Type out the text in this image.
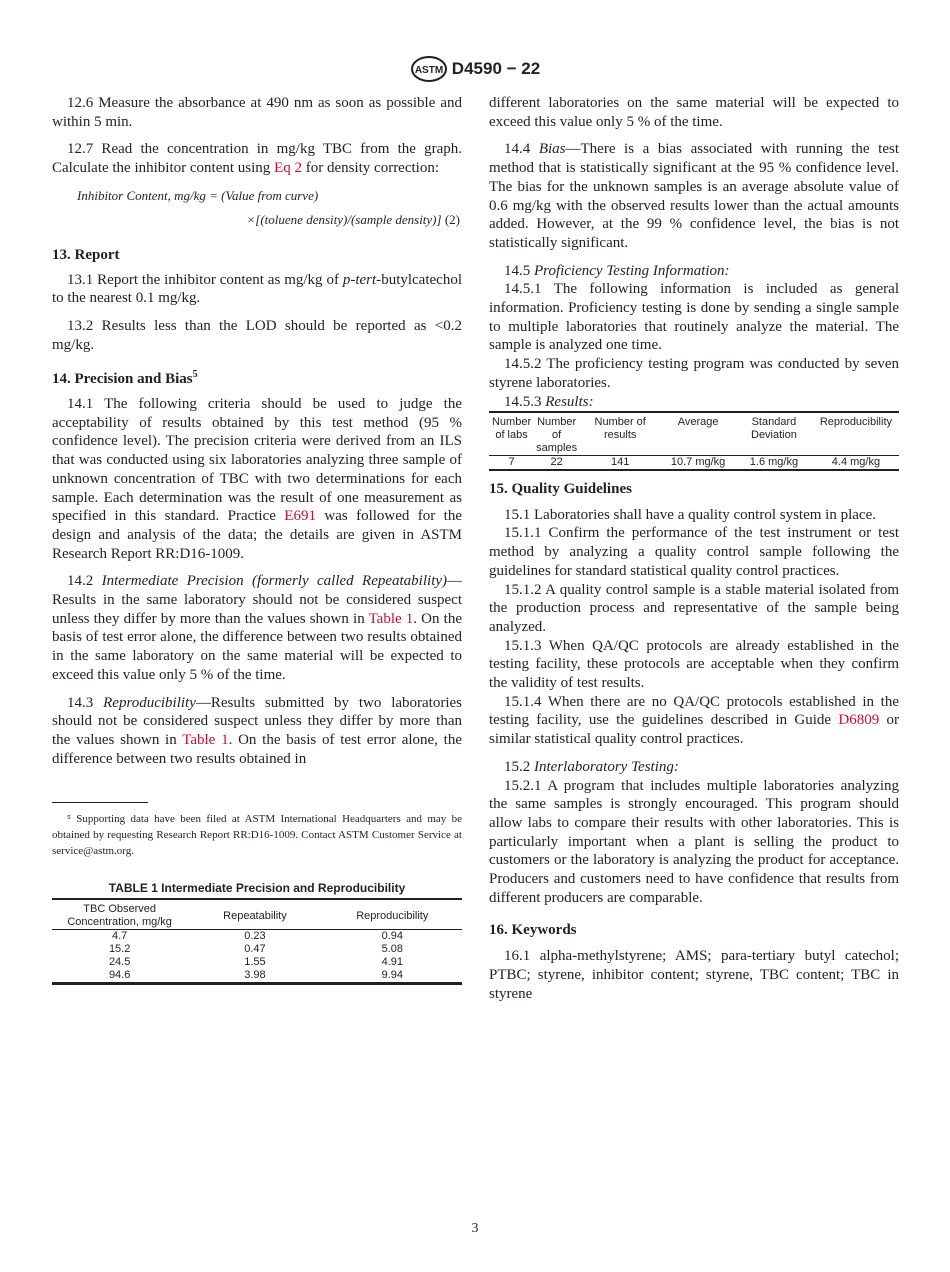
ASTM D4590 − 22

12.6 Measure the absorbance at 490 nm as soon as possible and within 5 min.

12.7 Read the concentration in mg/kg TBC from the graph. Calculate the inhibitor content using Eq 2 for density correction:

Inhibitor Content, mg/kg = (Value from curve)
×[(toluene density)/(sample density)] (2)
13. Report

13.1 Report the inhibitor content as mg/kg of p-tert-butylcatechol to the nearest 0.1 mg/kg.

13.2 Results less than the LOD should be reported as <0.2 mg/kg.

14. Precision and Bias$^5$

14.1 The following criteria should be used to judge the acceptability of results obtained by this test method (95 % confidence level). The precision criteria were derived from an ILS that was conducted using six laboratories analyzing three sample of unknown concentration of TBC with two determinations for each sample. Each determination was the result of one measurement as specified in this standard. Practice E691 was followed for the design and analysis of the data; the details are given in ASTM Research Report RR:D16-1009.

14.2 Intermediate Precision (formerly called Repeatability)—Results in the same laboratory should not be considered suspect unless they differ by more than the values shown in Table 1. On the basis of test error alone, the difference between two results obtained in the same laboratory on the same material will be expected to exceed this value only 5 % of the time.

14.3 Reproducibility—Results submitted by two laboratories should not be considered suspect unless they differ by more than the values shown in Table 1. On the basis of test error alone, the difference between two results obtained in

⁵ Supporting data have been filed at ASTM International Headquarters and may be obtained by requesting Research Report RR:D16-1009. Contact ASTM Customer Service at service@astm.org.
TABLE 1 Intermediate Precision and Reproducibility
TBC Observed Concentration, mg/kg	Repeatability	Reproducibility
4.7	0.23	0.94
15.2	0.47	5.08
24.5	1.55	4.91
94.6	3.98	9.94

different laboratories on the same material will be expected to exceed this value only 5 % of the time.

14.4 Bias—There is a bias associated with running the test method that is statistically significant at the 95 % confidence level. The bias for the unknown samples is an average absolute value of 0.6 mg/kg with the observed results lower than the actual amounts added. However, at the 99 % confidence level, the bias is not statistically significant.

14.5 Proficiency Testing Information:

14.5.1 The following information is included as general information. Proficiency testing is done by sending a single sample to multiple laboratories that routinely analyze the material. The sample is analyzed one time.

14.5.2 The proficiency testing program was conducted by seven styrene laboratories.

14.5.3 Results:

Number of labs	Number of samples	Number of results	Average	Standard Deviation	Reproducibility
7	22	141	10.7 mg/kg	1.6 mg/kg	4.4 mg/kg
15. Quality Guidelines

15.1 Laboratories shall have a quality control system in place.

15.1.1 Confirm the performance of the test instrument or test method by analyzing a quality control sample following the guidelines for standard statistical quality control practices.

15.1.2 A quality control sample is a stable material isolated from the production process and representative of the sample being analyzed.

15.1.3 When QA/QC protocols are already established in the testing facility, these protocols are acceptable when they confirm the validity of test results.

15.1.4 When there are no QA/QC protocols established in the testing facility, use the guidelines described in Guide D6809 or similar statistical quality control practices.

15.2 Interlaboratory Testing:

15.2.1 A program that includes multiple laboratories analyzing the same samples is strongly encouraged. This program should allow labs to compare their results with other laboratories. This is particularly important when a plant is selling the product to customers or the laboratory is analyzing the product for acceptance. Producers and customers need to have confidence that results from different producers are comparable.

16. Keywords

16.1 alpha-methylstyrene; AMS; para-tertiary butyl catechol; PTBC; styrene, inhibitor content; styrene, TBC content; TBC in styrene

3
